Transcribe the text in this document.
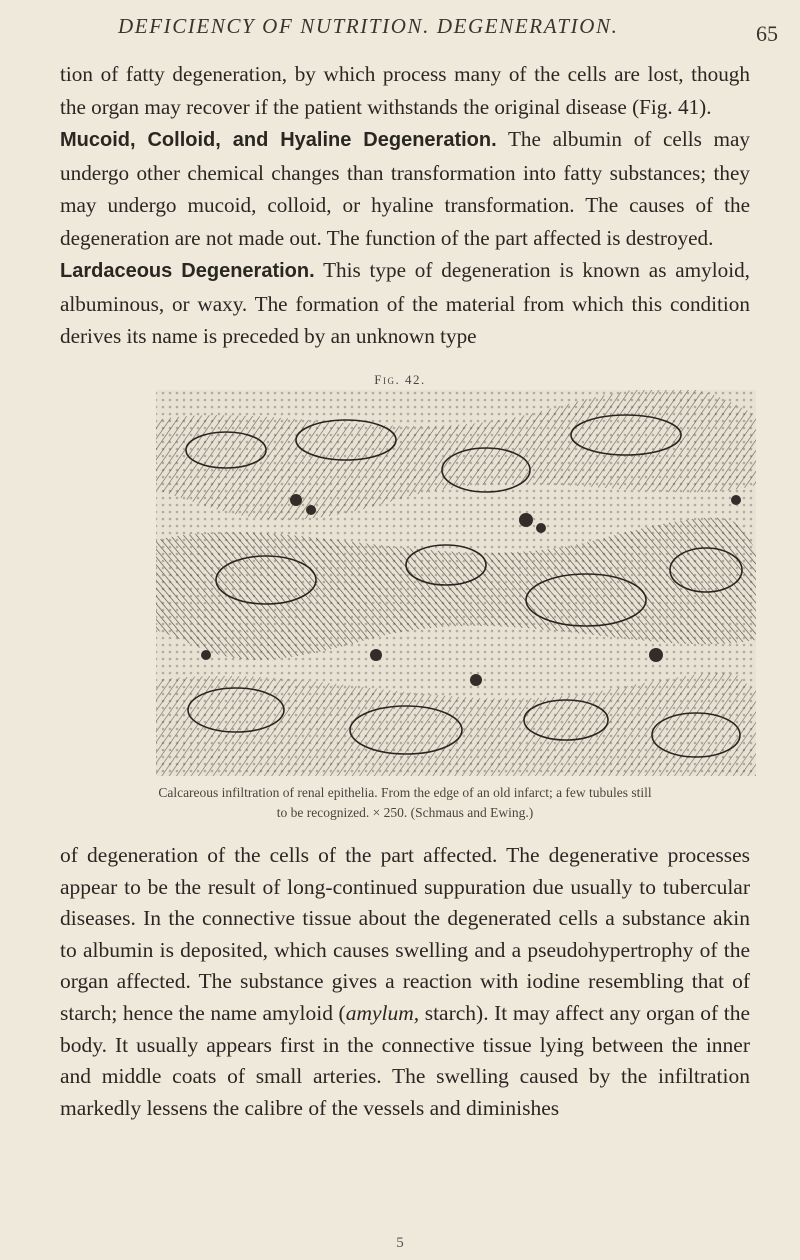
DEFICIENCY OF NUTRITION. DEGENERATION.	65

tion of fatty degeneration, by which process many of the cells are lost, though the organ may recover if the patient withstands the original disease (Fig. 41).
Mucoid, Colloid, and Hyaline Degeneration. The albumin of cells may undergo other chemical changes than transformation into fatty substances; they may undergo mucoid, colloid, or hyaline transformation. The causes of the degeneration are not made out. The function of the part affected is destroyed.
Lardaceous Degeneration. This type of degeneration is known as amyloid, albuminous, or waxy. The formation of the material from which this condition derives its name is preceded by an unknown type

Fig. 42.
Calcareous infiltration of renal epithelia. From the edge of an old infarct; a few tubules still
to be recognized. × 250. (Schmaus and Ewing.)

of degeneration of the cells of the part affected. The degenerative processes appear to be the result of long-continued suppuration due usually to tubercular diseases. In the connective tissue about the degenerated cells a substance akin to albumin is deposited, which causes swelling and a pseudohypertrophy of the organ affected. The substance gives a reaction with iodine resembling that of starch; hence the name amyloid (amylum, starch). It may affect any organ of the body. It usually appears first in the connective tissue lying between the inner and middle coats of small arteries. The swelling caused by the infiltration markedly lessens the calibre of the vessels and diminishes

5
